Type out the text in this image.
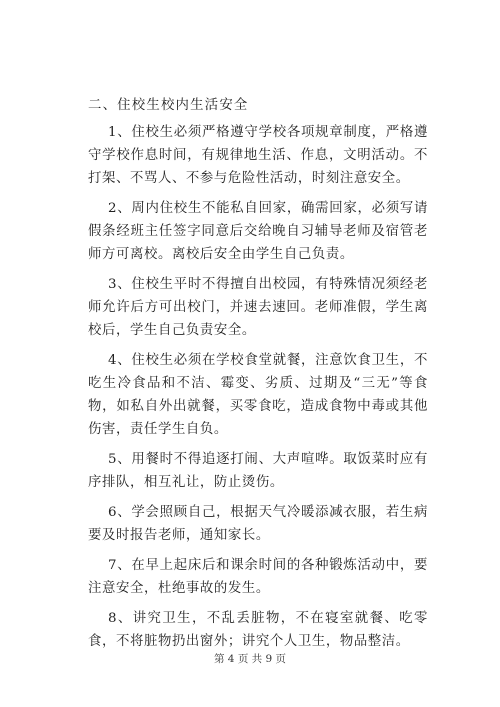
二、住校生校内生活安全

1、住校生必须严格遵守学校各项规章制度，严格遵守学校作息时间，有规律地生活、作息，文明活动。不打架、不骂人、不参与危险性活动，时刻注意安全。

2、周内住校生不能私自回家，确需回家，必须写请假条经班主任签字同意后交给晚自习辅导老师及宿管老师方可离校。离校后安全由学生自己负责。

3、住校生平时不得擅自出校园，有特殊情况须经老师允许后方可出校门，并速去速回。老师准假，学生离校后，学生自己负责安全。

4、住校生必须在学校食堂就餐，注意饮食卫生，不吃生冷食品和不洁、霉变、劣质、过期及“三无”等食物，如私自外出就餐，买零食吃，造成食物中毒或其他伤害，责任学生自负。

5、用餐时不得追逐打闹、大声喧哗。取饭菜时应有序排队，相互礼让，防止烫伤。

6、学会照顾自己，根据天气冷暖添减衣服，若生病要及时报告老师，通知家长。

7、在早上起床后和课余时间的各种锻炼活动中，要注意安全，杜绝事故的发生。

8、讲究卫生，不乱丢脏物，不在寝室就餐、吃零食，不将脏物扔出窗外；讲究个人卫生，物品整洁。

第 4 页 共 9 页
